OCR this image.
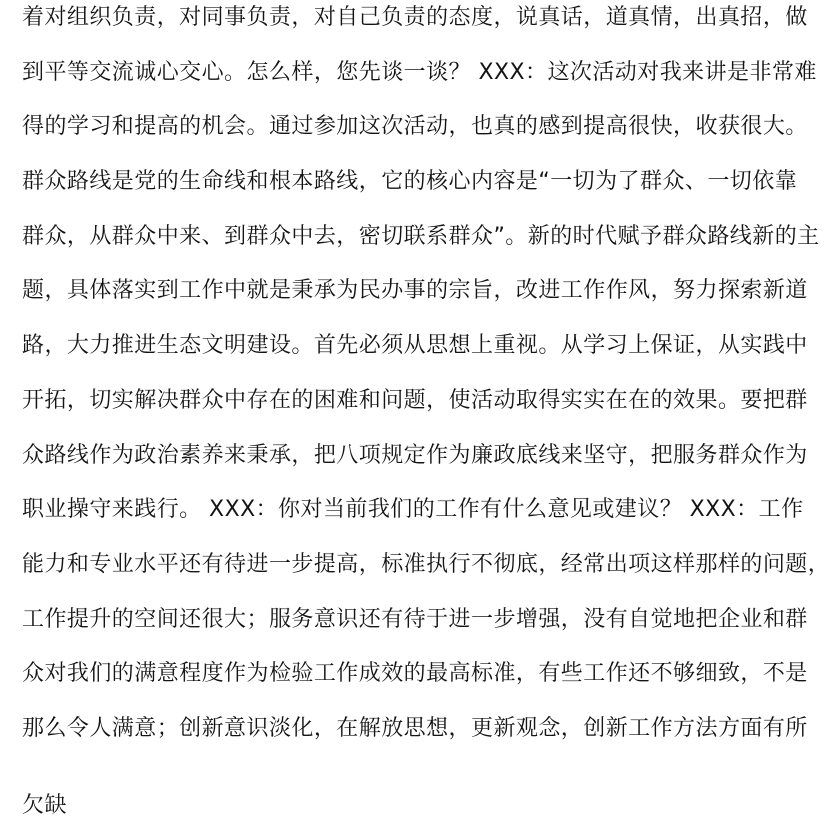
着对组织负责，对同事负责，对自己负责的态度，说真话，道真情，出真招，做
到平等交流诚心交心。怎么样，您先谈一谈？ XXX：这次活动对我来讲是非常难
得的学习和提高的机会。通过参加这次活动，也真的感到提高很快，收获很大。
群众路线是党的生命线和根本路线，它的核心内容是“一切为了群众、一切依靠
群众，从群众中来、到群众中去，密切联系群众”。新的时代赋予群众路线新的主
题，具体落实到工作中就是秉承为民办事的宗旨，改进工作作风，努力探索新道
路，大力推进生态文明建设。首先必须从思想上重视。从学习上保证，从实践中
开拓，切实解决群众中存在的困难和问题，使活动取得实实在在的效果。要把群
众路线作为政治素养来秉承，把八项规定作为廉政底线来坚守，把服务群众作为
职业操守来践行。 XXX：你对当前我们的工作有什么意见或建议？ XXX：工作
能力和专业水平还有待进一步提高，标准执行不彻底，经常出项这样那样的问题，
工作提升的空间还很大；服务意识还有待于进一步增强，没有自觉地把企业和群
众对我们的满意程度作为检验工作成效的最高标准，有些工作还不够细致，不是
那么令人满意；创新意识淡化，在解放思想，更新观念，创新工作方法方面有所
欠缺
